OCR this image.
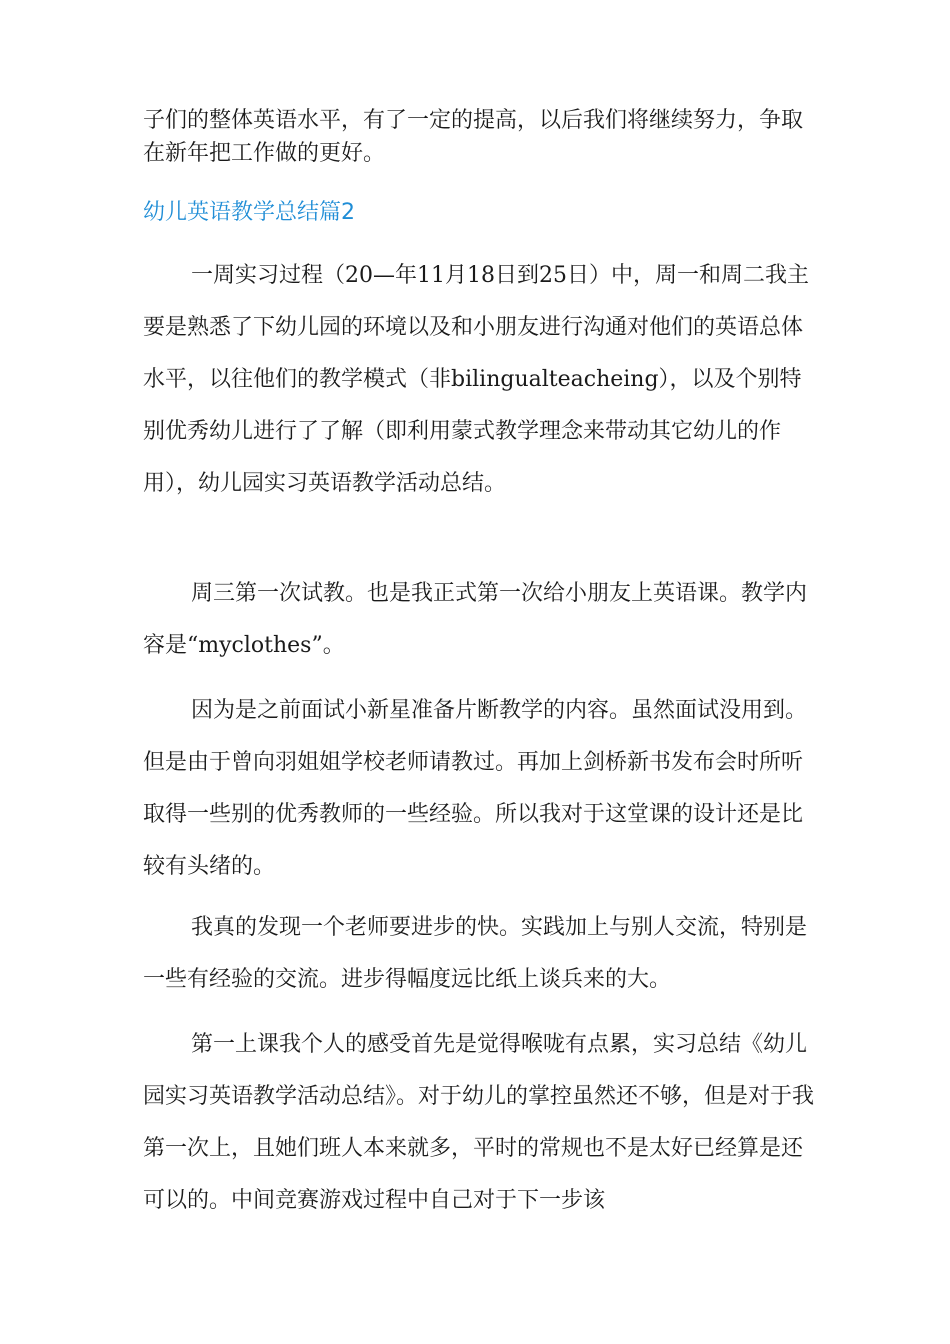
子们的整体英语水平，有了一定的提高，以后我们将继续努力，争取在新年把工作做的更好。

幼儿英语教学总结篇2

一周实习过程（20—年11月18日到25日）中，周一和周二我主要是熟悉了下幼儿园的环境以及和小朋友进行沟通对他们的英语总体水平，以往他们的教学模式（非bilingualteacheing），以及个别特别优秀幼儿进行了了解（即利用蒙式教学理念来带动其它幼儿的作用），幼儿园实习英语教学活动总结。

周三第一次试教。也是我正式第一次给小朋友上英语课。教学内容是“myclothes”。

因为是之前面试小新星准备片断教学的内容。虽然面试没用到。但是由于曾向羽姐姐学校老师请教过。再加上剑桥新书发布会时所听取得一些别的优秀教师的一些经验。所以我对于这堂课的设计还是比较有头绪的。

我真的发现一个老师要进步的快。实践加上与别人交流，特别是一些有经验的交流。进步得幅度远比纸上谈兵来的大。

第一上课我个人的感受首先是觉得喉咙有点累，实习总结《幼儿园实习英语教学活动总结》。对于幼儿的掌控虽然还不够，但是对于我第一次上，且她们班人本来就多，平时的常规也不是太好已经算是还可以的。中间竞赛游戏过程中自己对于下一步该
